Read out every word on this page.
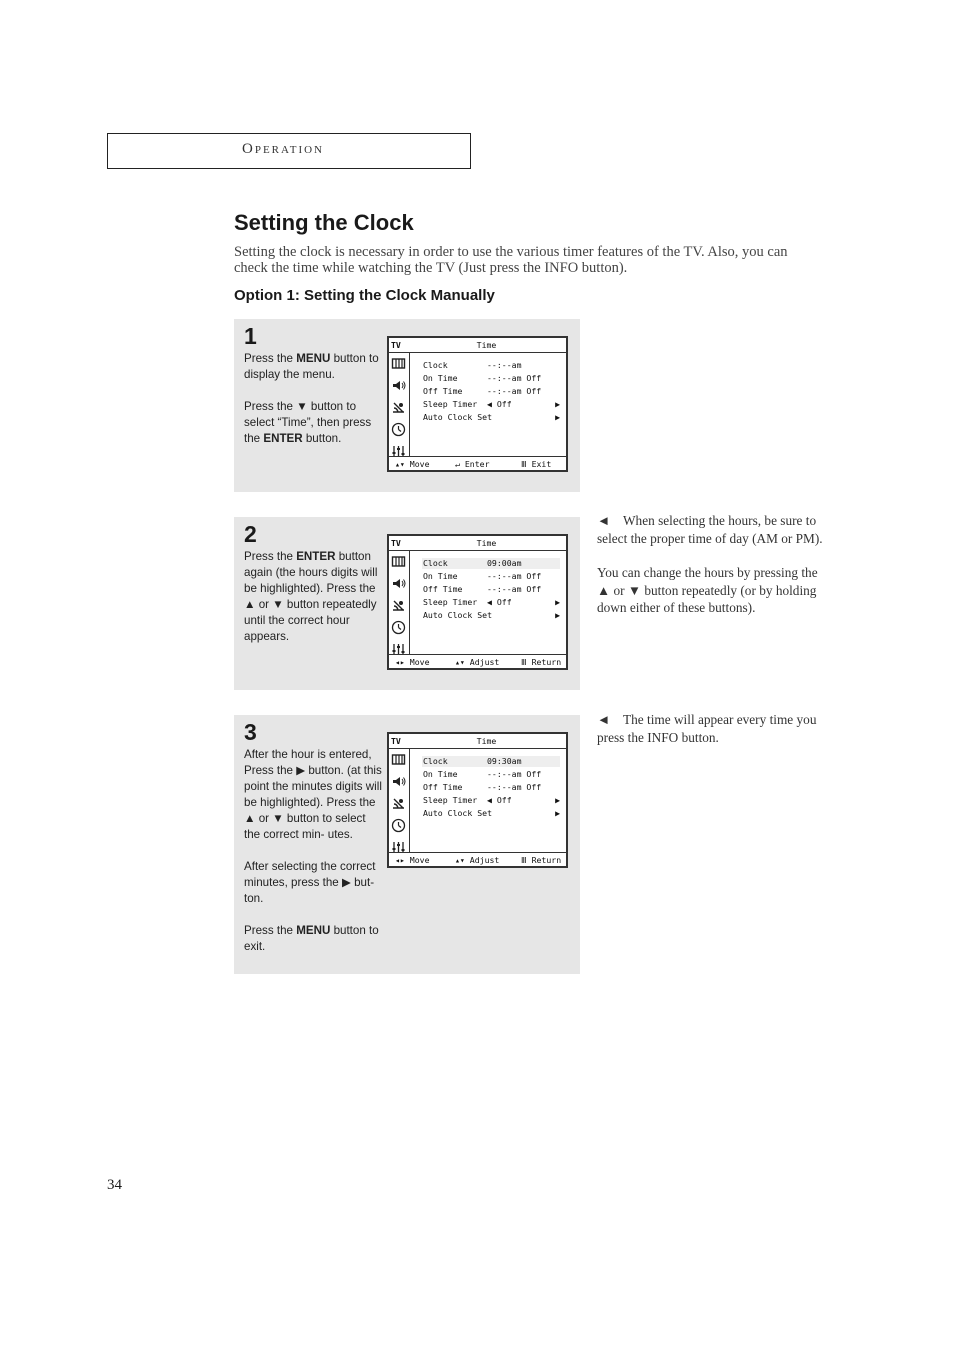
Operation
Setting the Clock

Setting the clock is necessary in order to use the various timer features of the TV. Also, you can check the time while watching the TV (Just press the INFO button).

Option 1: Setting the Clock Manually
1

Press the MENU button to display the menu.

Press the ▼ button to select “Time”, then press the ENTER button.

TV	Time
Clock	--:--am
On Time	--:--am Off
Off Time	--:--am Off
Sleep Timer ◀ Off	▶
Auto Clock Set	▶
▴▾ Move	↵ Enter	Ⅲ Exit
2

Press the ENTER button again (the hours digits will be highlighted). Press the ▲ or ▼ button repeatedly until the correct hour appears.

TV	Time
Clock	09:00am
On Time	--:--am Off
Off Time	--:--am Off
Sleep Timer ◀ Off	▶
Auto Clock Set	▶
◂▸ Move	▴▾ Adjust	Ⅲ Return
3

After the hour is entered, Press the ▶ button. (at this point the minutes digits will be highlighted). Press the ▲ or ▼ button to select the correct min- utes.

After selecting the correct minutes, press the ▶ but- ton.

Press the MENU button to exit.

TV	Time
Clock	09:30am
On Time	--:--am Off
Off Time	--:--am Off
Sleep Timer ◀ Off	▶
Auto Clock Set	▶
◂▸ Move	▴▾ Adjust	Ⅲ Return

◄ When selecting the hours, be sure to select the proper time of day (AM or PM).

You can change the hours by pressing the ▲ or ▼ button repeatedly (or by holding down either of these buttons).

◄ The time will appear every time you press the INFO button.

34
